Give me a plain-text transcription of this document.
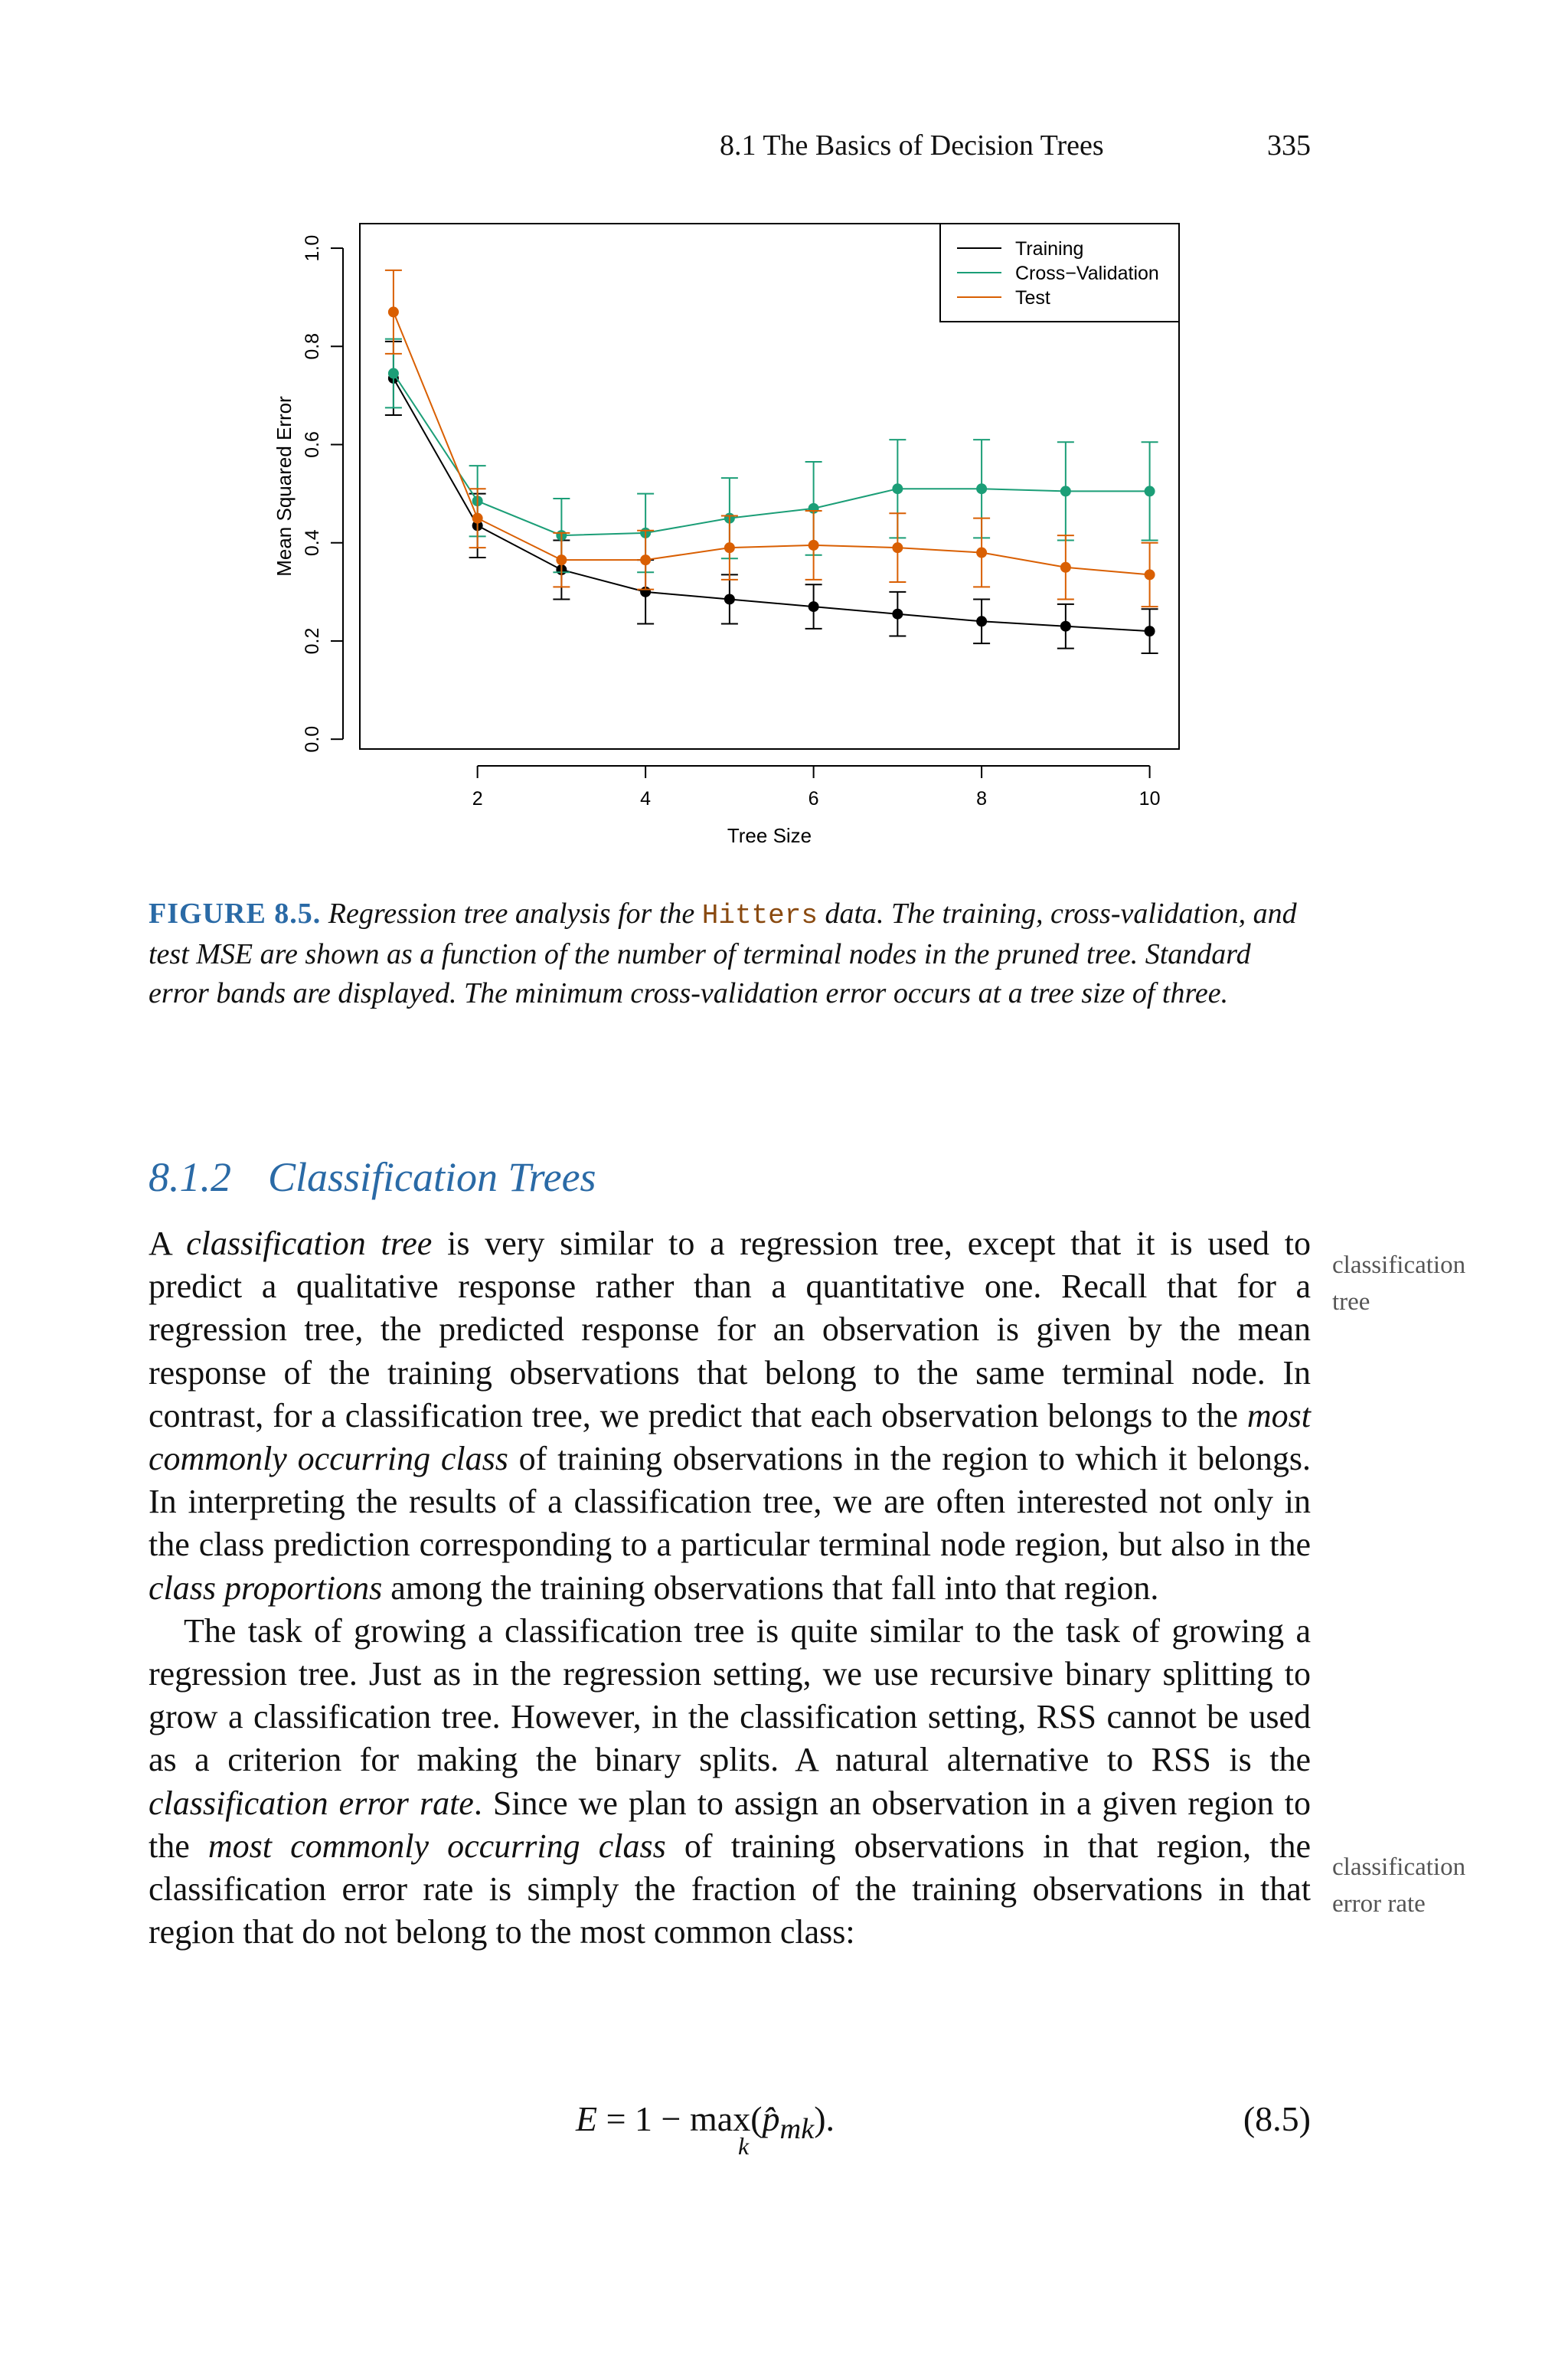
8.1 The Basics of Decision Trees	335
2	4	6	8	10
0.0
0.2
0.4
0.6
0.8
1.0
Tree Size
Mean Squared Error
Training
Cross−Validation
Test
FIGURE 8.5. Regression tree analysis for the Hitters data. The training, cross-validation, and test MSE are shown as a function of the number of terminal nodes in the pruned tree. Standard error bands are displayed. The minimum cross-validation error occurs at a tree size of three.
8.1.2 Classification Trees

A classification tree is very similar to a regression tree, except that it is used to predict a qualitative response rather than a quantitative one. Recall that for a regression tree, the predicted response for an observation is given by the mean response of the training observations that belong to the same terminal node. In contrast, for a classification tree, we predict that each observation belongs to the most commonly occurring class of training observations in the region to which it belongs. In interpreting the results of a classification tree, we are often interested not only in the class prediction corresponding to a particular terminal node region, but also in the class proportions among the training observations that fall into that region.

The task of growing a classification tree is quite similar to the task of growing a regression tree. Just as in the regression setting, we use recursive binary splitting to grow a classification tree. However, in the classification setting, RSS cannot be used as a criterion for making the binary splits. A natural alternative to RSS is the classification error rate. Since we plan to assign an observation in a given region to the most commonly occurring class of training observations in that region, the classification error rate is simply the fraction of the training observations in that region that do not belong to the most common class:

classification
tree
classification
error rate
$E = 1 - \max(p̂_{mk})$.
k
(8.5)
